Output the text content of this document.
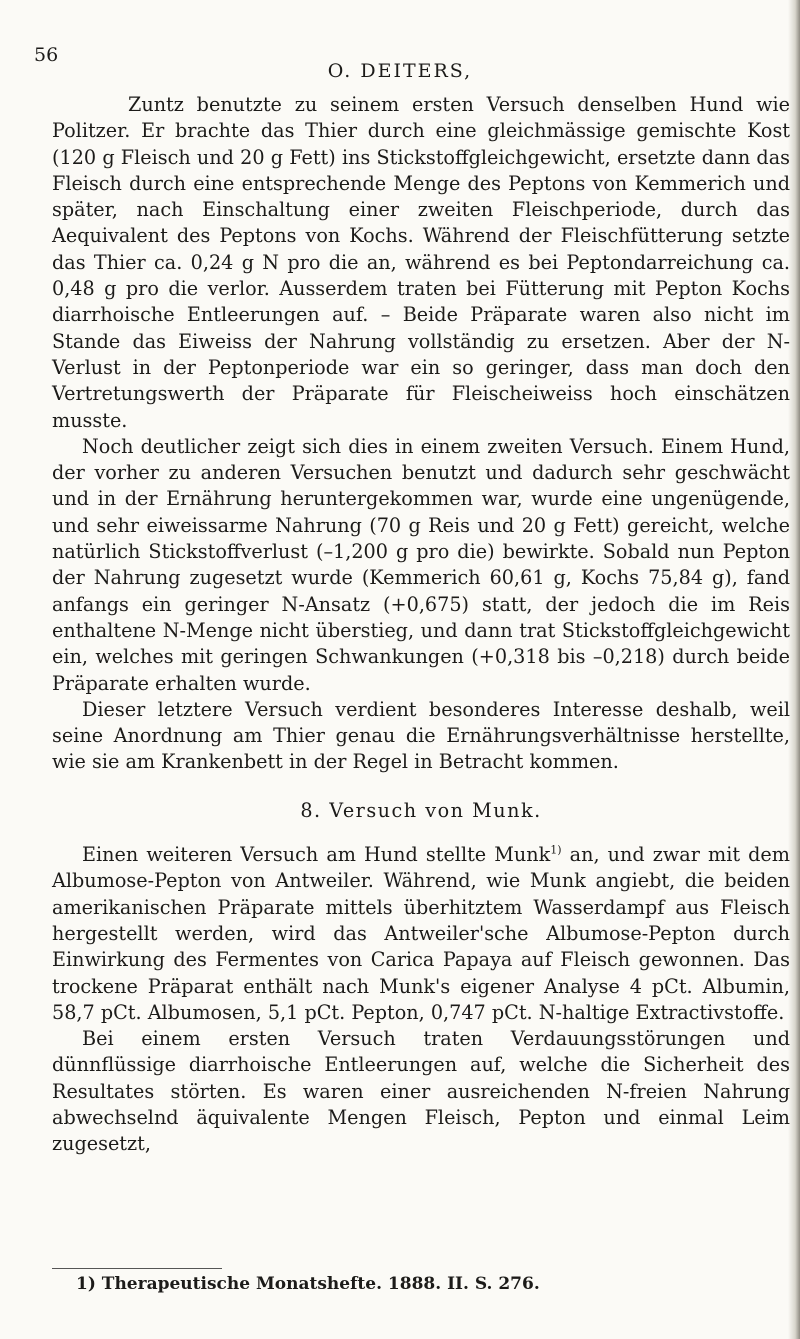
56
O. DEITERS,

Zuntz benutzte zu seinem ersten Versuch denselben Hund wie Politzer. Er brachte das Thier durch eine gleichmässige gemischte Kost (120 g Fleisch und 20 g Fett) ins Stickstoffgleichgewicht, ersetzte dann das Fleisch durch eine entsprechende Menge des Peptons von Kemmerich und später, nach Einschaltung einer zweiten Fleischperiode, durch das Aequivalent des Peptons von Kochs. Während der Fleischfütterung setzte das Thier ca. 0,24 g N pro die an, während es bei Peptondarreichung ca. 0,48 g pro die verlor. Ausserdem traten bei Fütterung mit Pepton Kochs diarrhoische Entleerungen auf. – Beide Präparate waren also nicht im Stande das Eiweiss der Nahrung vollständig zu ersetzen. Aber der N-Verlust in der Peptonperiode war ein so geringer, dass man doch den Vertretungswerth der Präparate für Fleischeiweiss hoch einschätzen musste.

Noch deutlicher zeigt sich dies in einem zweiten Versuch. Einem Hund, der vorher zu anderen Versuchen benutzt und dadurch sehr geschwächt und in der Ernährung heruntergekommen war, wurde eine ungenügende, und sehr eiweissarme Nahrung (70 g Reis und 20 g Fett) gereicht, welche natürlich Stickstoffverlust (–1,200 g pro die) bewirkte. Sobald nun Pepton der Nahrung zugesetzt wurde (Kemmerich 60,61 g, Kochs 75,84 g), fand anfangs ein geringer N-Ansatz (+0,675) statt, der jedoch die im Reis enthaltene N-Menge nicht überstieg, und dann trat Stickstoffgleichgewicht ein, welches mit geringen Schwankungen (+0,318 bis –0,218) durch beide Präparate erhalten wurde.

Dieser letztere Versuch verdient besonderes Interesse deshalb, weil seine Anordnung am Thier genau die Ernährungsverhältnisse herstellte, wie sie am Krankenbett in der Regel in Betracht kommen.

8. Versuch von Munk.

Einen weiteren Versuch am Hund stellte Munk$^{1)}$ an, und zwar mit dem Albumose-Pepton von Antweiler. Während, wie Munk angiebt, die beiden amerikanischen Präparate mittels überhitztem Wasserdampf aus Fleisch hergestellt werden, wird das Antweiler'sche Albumose-Pepton durch Einwirkung des Fermentes von Carica Papaya auf Fleisch gewonnen. Das trockene Präparat enthält nach Munk's eigener Analyse 4 pCt. Albumin, 58,7 pCt. Albumosen, 5,1 pCt. Pepton, 0,747 pCt. N-haltige Extractivstoffe.

Bei einem ersten Versuch traten Verdauungsstörungen und dünnflüssige diarrhoische Entleerungen auf, welche die Sicherheit des Resultates störten. Es waren einer ausreichenden N-freien Nahrung abwechselnd äquivalente Mengen Fleisch, Pepton und einmal Leim zugesetzt,

1) Therapeutische Monatshefte. 1888. II. S. 276.
